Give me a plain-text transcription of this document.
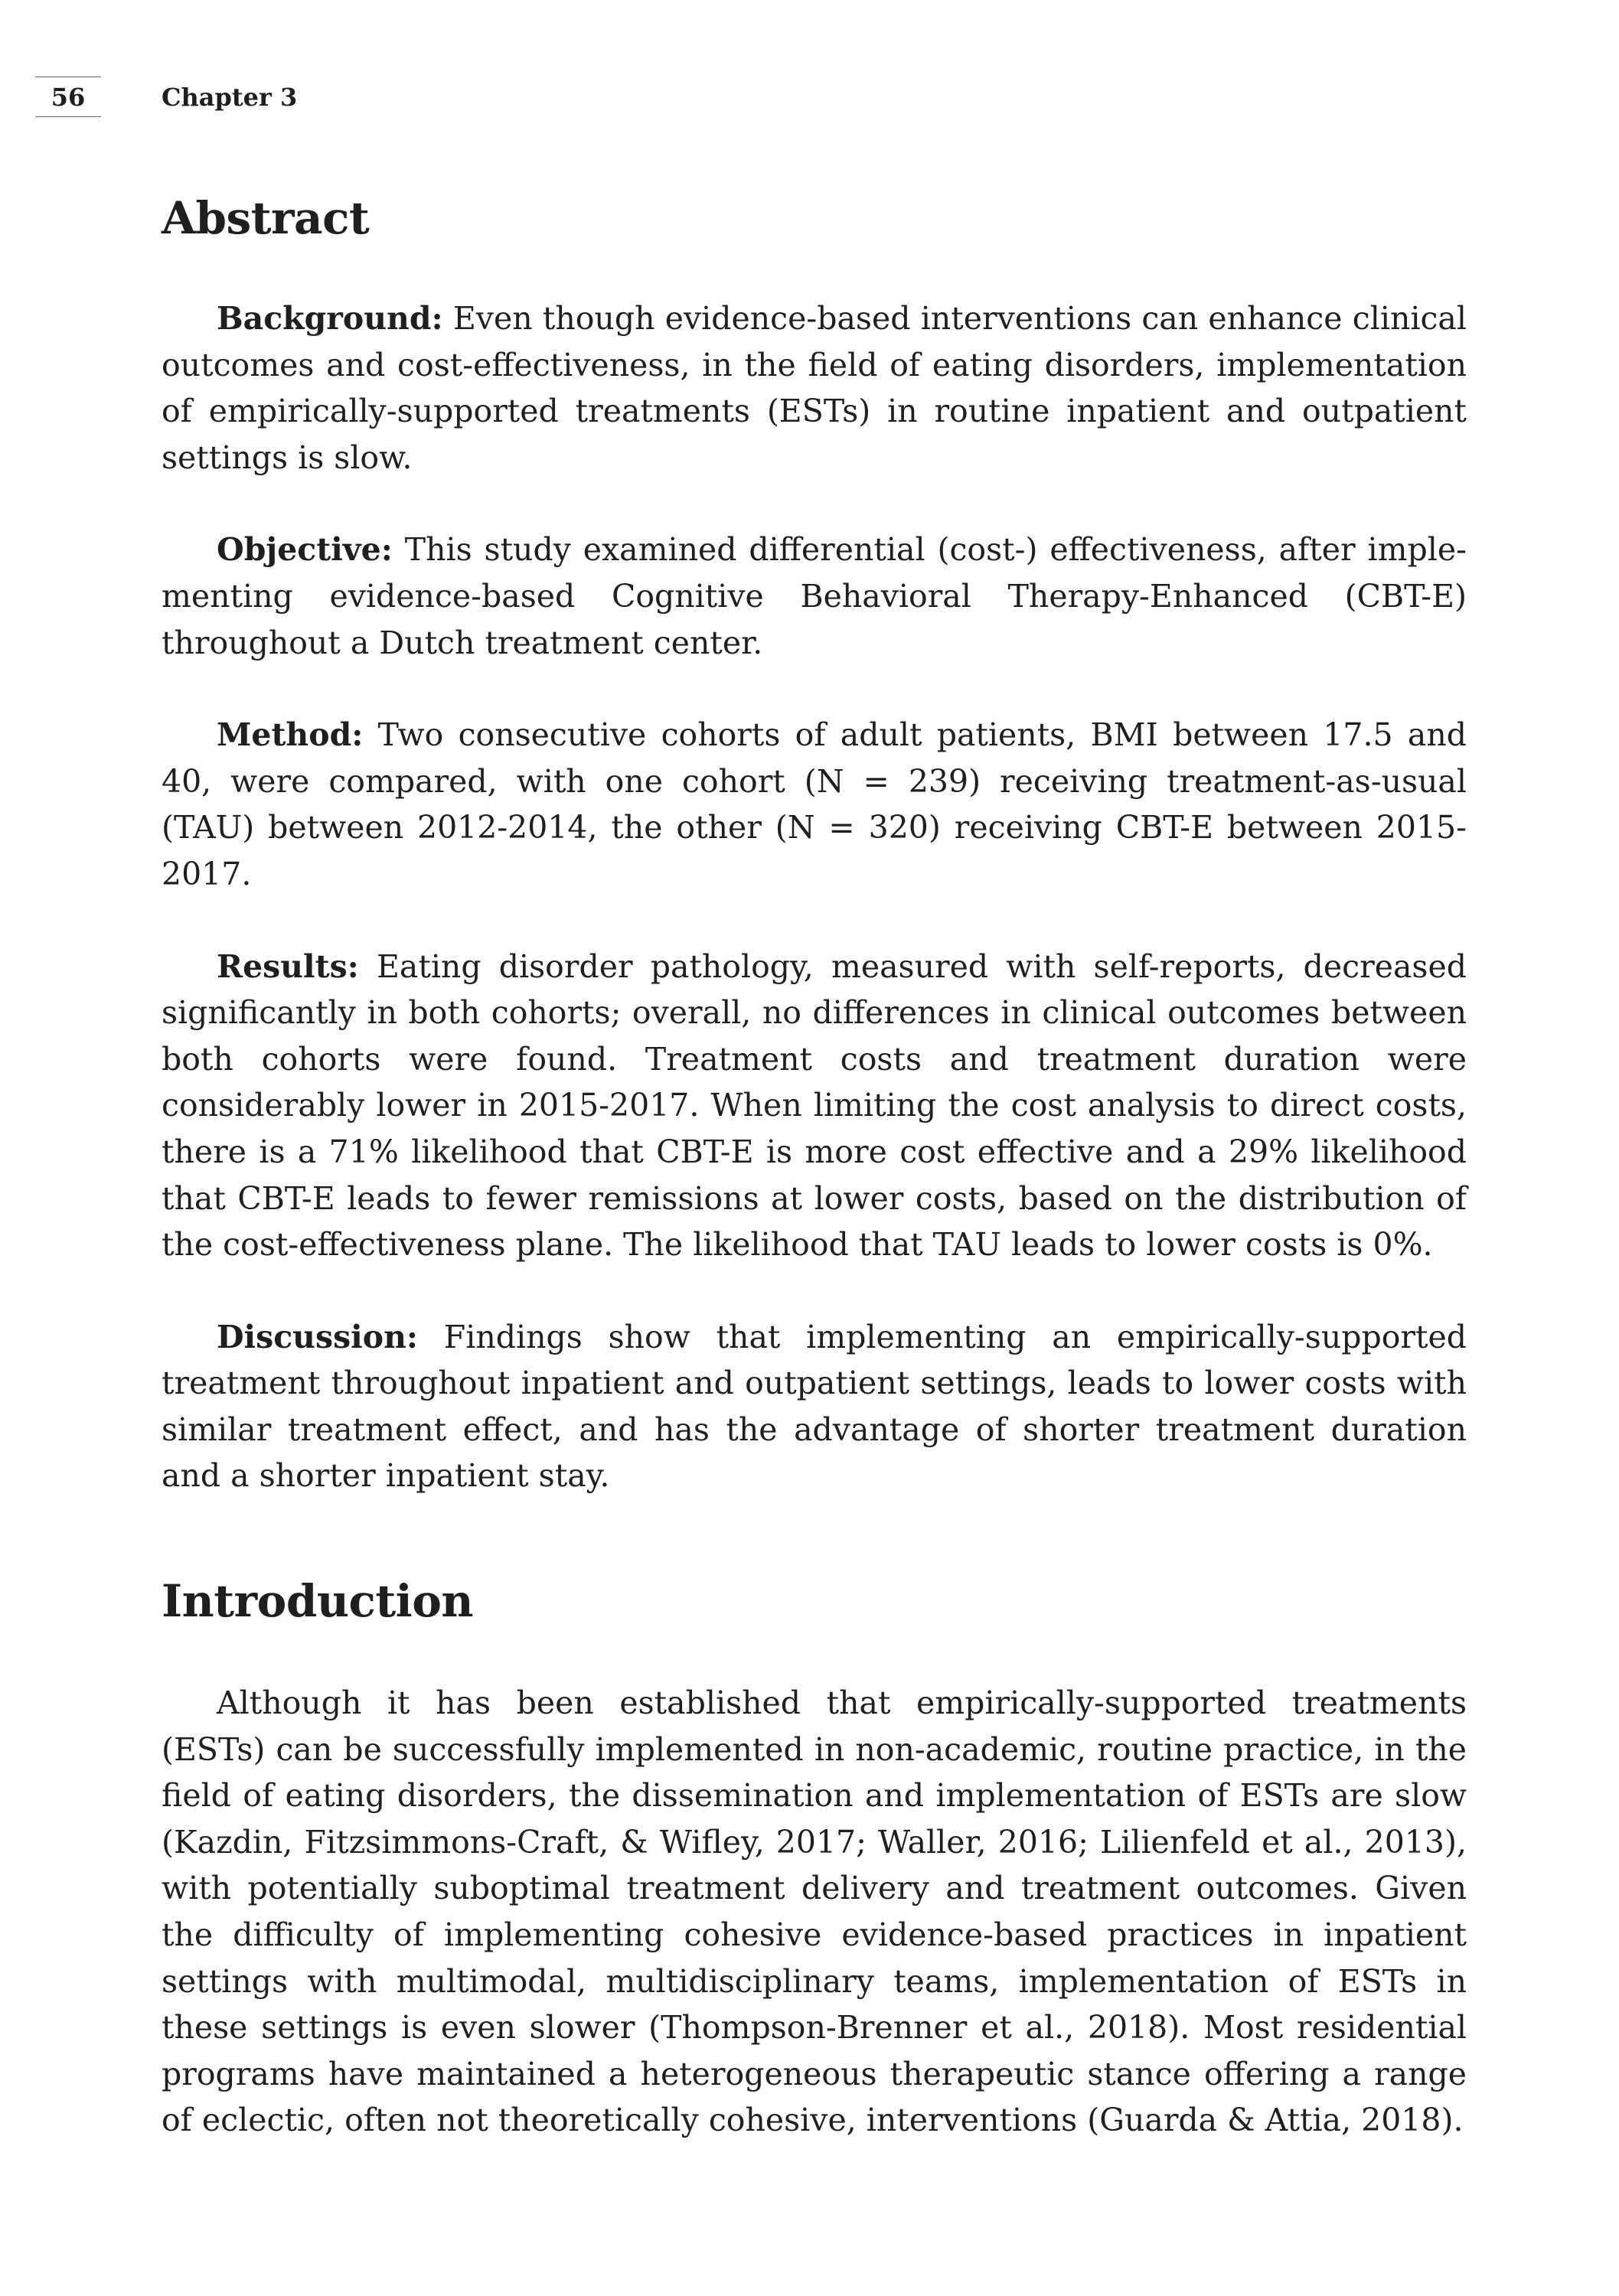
56	Chapter 3
Abstract

Background: Even though evidence-based interventions can enhance clinical outcomes and cost-effectiveness, in the field of eating disorders, implementation of empirically-supported treatments (ESTs) in routine inpatient and outpatient settings is slow.

Objective: This study examined differential (cost-) effectiveness, after implementing evidence-based Cognitive Behavioral Therapy-Enhanced (CBT-E) throughout a Dutch treatment center.

Method: Two consecutive cohorts of adult patients, BMI between 17.5 and 40, were compared, with one cohort (N = 239) receiving treatment-as-usual (TAU) between 2012-2014, the other (N = 320) receiving CBT-E between 2015-2017.

Results: Eating disorder pathology, measured with self-reports, decreased significantly in both cohorts; overall, no differences in clinical outcomes between both cohorts were found. Treatment costs and treatment duration were considerably lower in 2015-2017. When limiting the cost analysis to direct costs, there is a 71% likelihood that CBT-E is more cost effective and a 29% likelihood that CBT-E leads to fewer remissions at lower costs, based on the distribution of the cost-effectiveness plane. The likelihood that TAU leads to lower costs is 0%.

Discussion: Findings show that implementing an empirically-supported treatment throughout inpatient and outpatient settings, leads to lower costs with similar treatment effect, and has the advantage of shorter treatment duration and a shorter inpatient stay.

Introduction

Although it has been established that empirically-supported treatments (ESTs) can be successfully implemented in non-academic, routine practice, in the field of eating disorders, the dissemination and implementation of ESTs are slow (Kazdin, Fitzsimmons-Craft, & Wifley, 2017; Waller, 2016; Lilienfeld et al., 2013), with potentially suboptimal treatment delivery and treatment outcomes. Given the difficulty of implementing cohesive evidence-based practices in inpatient settings with multimodal, multidisciplinary teams, implementation of ESTs in these settings is even slower (Thompson-Brenner et al., 2018). Most residential programs have maintained a heterogeneous therapeutic stance offering a range of eclectic, often not theoretically cohesive, interventions (Guarda & Attia, 2018).
